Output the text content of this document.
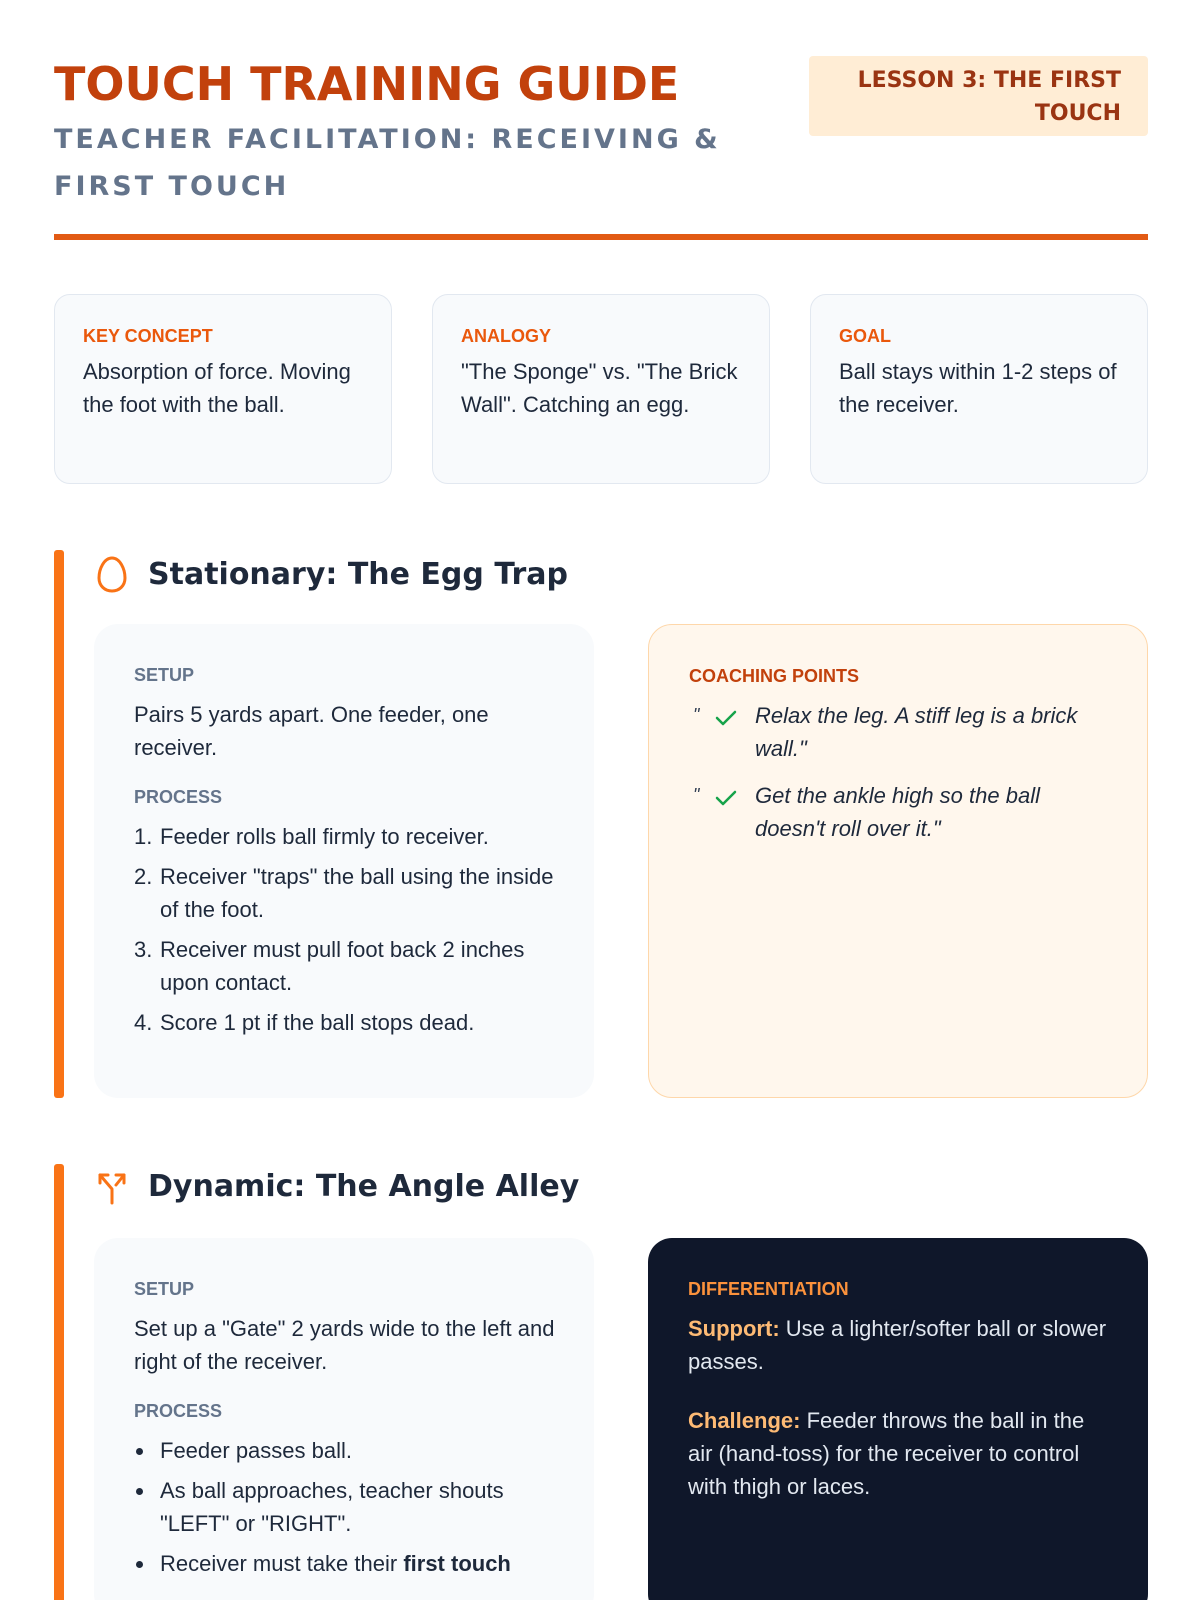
TOUCH TRAINING GUIDE
TEACHER FACILITATION: RECEIVING & FIRST TOUCH
LESSON 3: THE FIRST TOUCH
KEY CONCEPT
Absorption of force. Moving the foot with the ball.
ANALOGY
"The Sponge" vs. "The Brick Wall". Catching an egg.
GOAL
Ball stays within 1-2 steps of the receiver.
Stationary: The Egg Trap
SETUP
Pairs 5 yards apart. One feeder, one receiver.
PROCESS
1. Feeder rolls ball firmly to receiver.
2. Receiver "traps" the ball using the inside of the foot.
3. Receiver must pull foot back 2 inches upon contact.
4. Score 1 pt if the ball stops dead.
COACHING POINTS
"	Relax the leg. A stiff leg is a brick wall."
"	Get the ankle high so the ball doesn't roll over it."
Dynamic: The Angle Alley
SETUP
Set up a "Gate" 2 yards wide to the left and right of the receiver.
PROCESS
Feeder passes ball.
As ball approaches, teacher shouts "LEFT" or "RIGHT".
Receiver must take their first touch
DIFFERENTIATION
Support: Use a lighter/softer ball or slower passes.
Challenge: Feeder throws the ball in the air (hand-toss) for the receiver to control with thigh or laces.
